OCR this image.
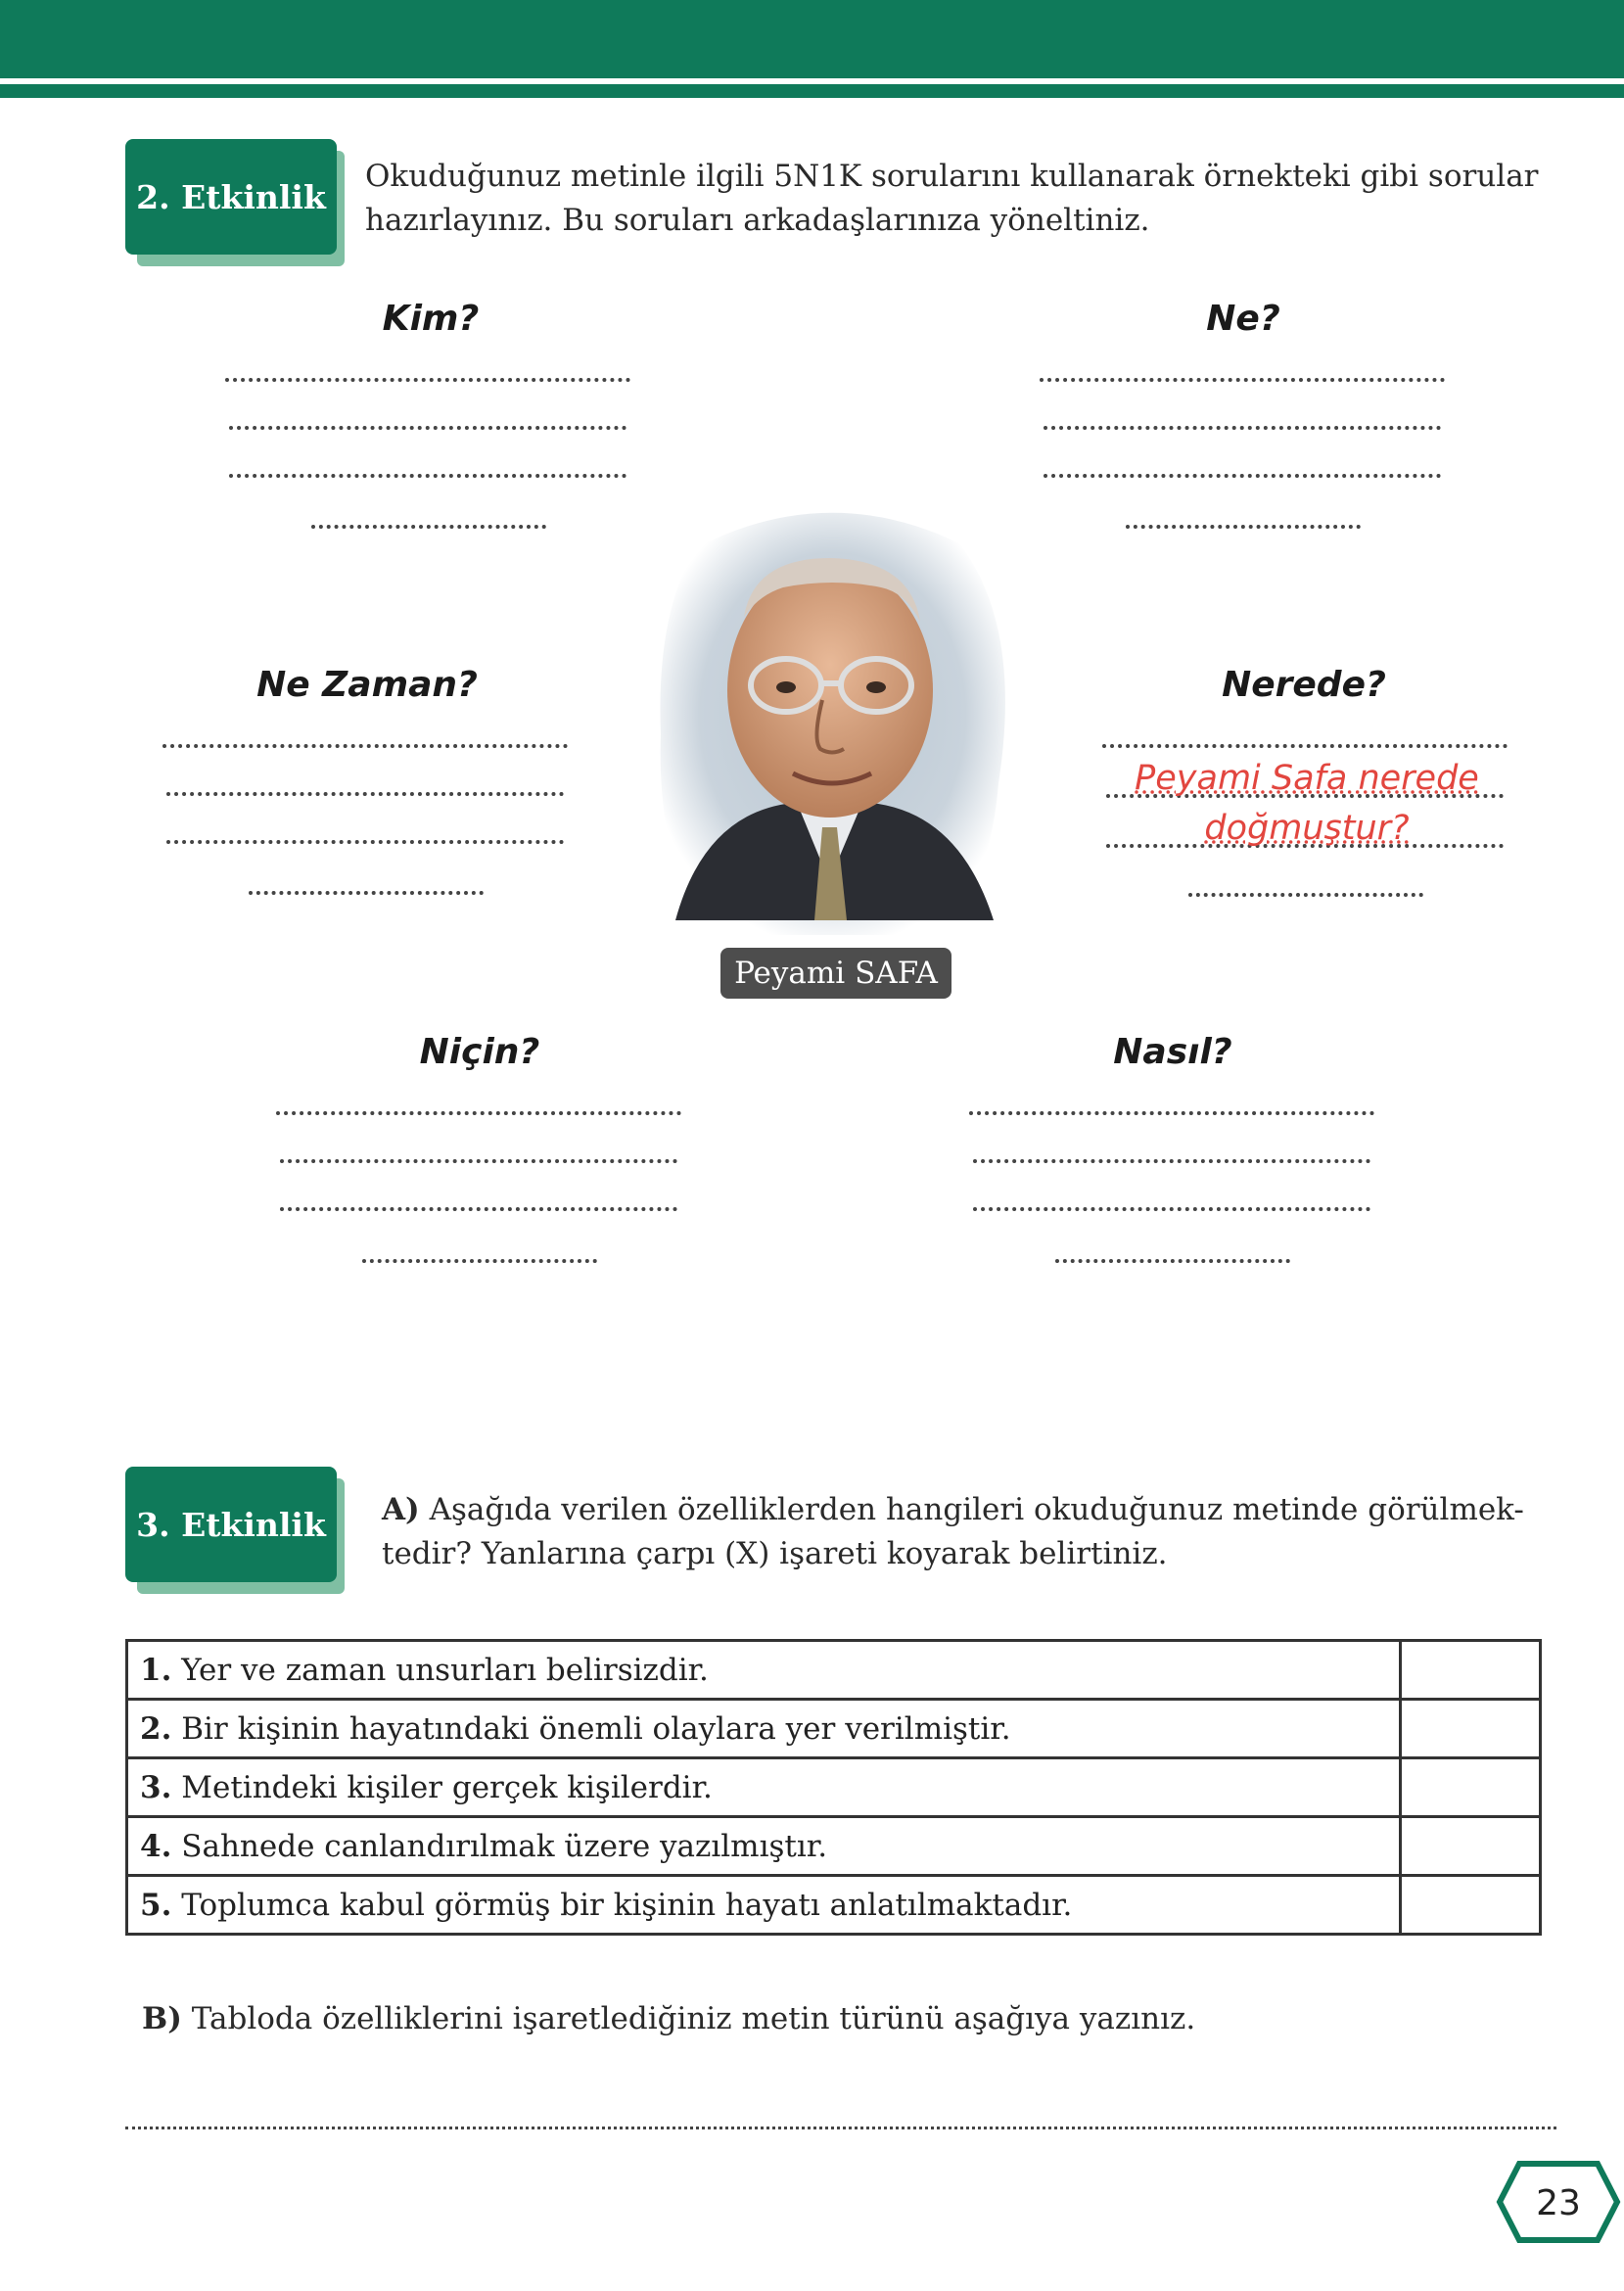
2. Etkinlik
Okuduğunuz metinle ilgili 5N1K sorularını kullanarak örnekteki gibi sorular
hazırlayınız. Bu soruları arkadaşlarınıza yöneltiniz.
Kim?	Ne?
Ne Zaman?	Nerede?
Peyami Safa nerede
doğmuştur?
Peyami SAFA
Niçin?	Nasıl?
3. Etkinlik	A) Aşağıda verilen özelliklerden hangileri okuduğunuz metinde görülmek-
tedir? Yanlarına çarpı (X) işareti koyarak belirtiniz.
1. Yer ve zaman unsurları belirsizdir.	
2. Bir kişinin hayatındaki önemli olaylara yer verilmiştir.	
3. Metindeki kişiler gerçek kişilerdir.	
4. Sahnede canlandırılmak üzere yazılmıştır.	
5. Toplumca kabul görmüş bir kişinin hayatı anlatılmaktadır.	
B) Tabloda özelliklerini işaretlediğiniz metin türünü aşağıya yazınız.
23
